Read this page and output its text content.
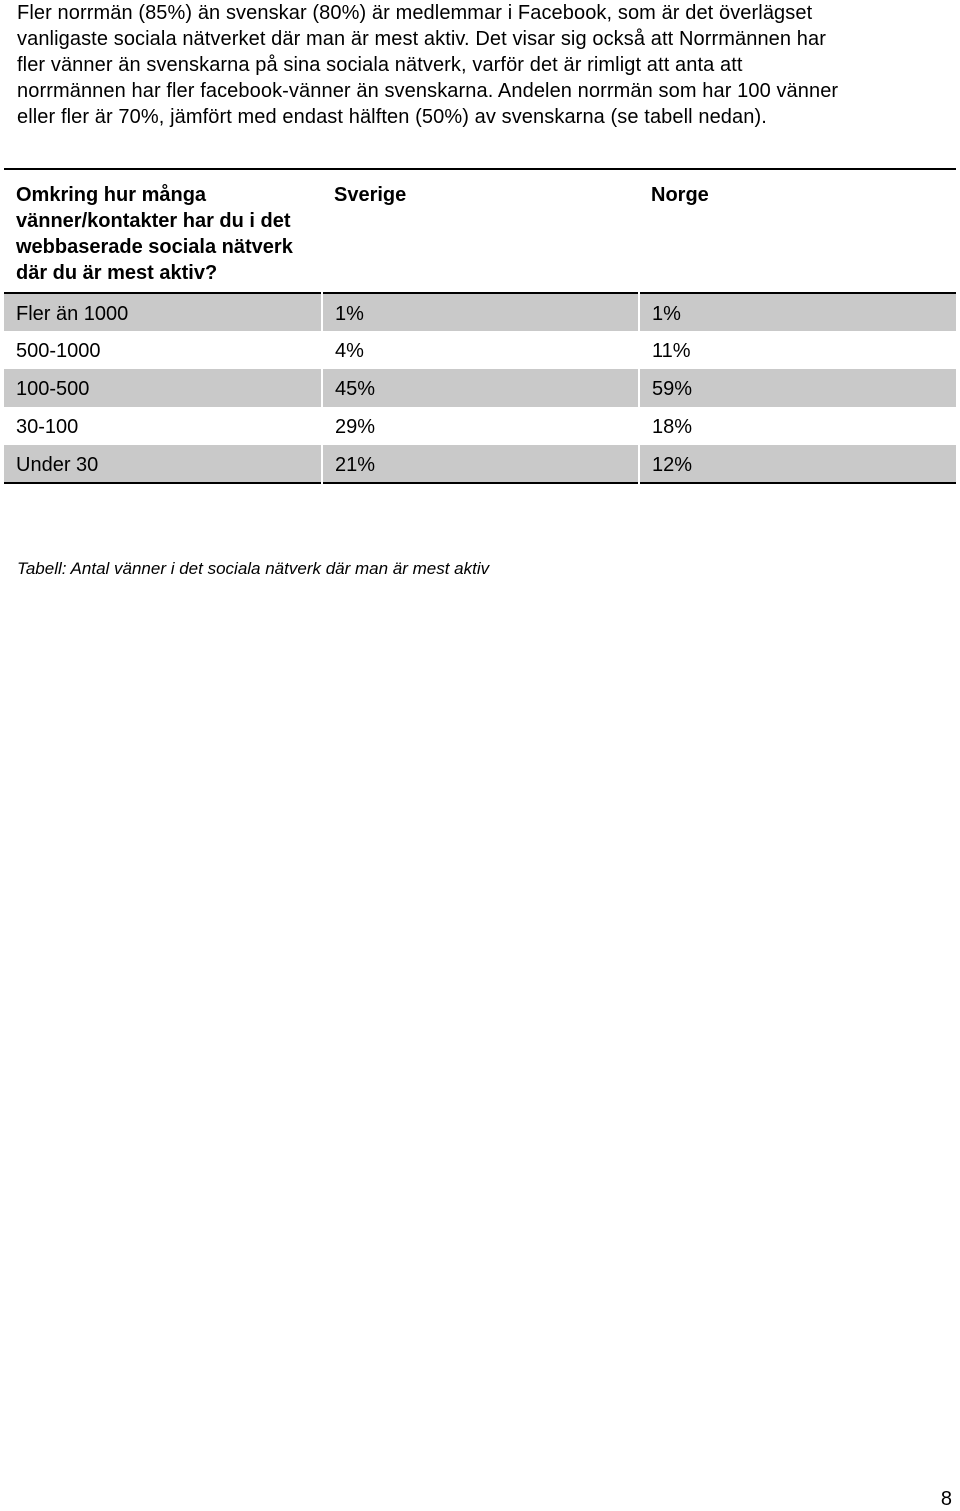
Fler norrmän (85%) än svenskar (80%) är medlemmar i Facebook, som är det överlägset
vanligaste sociala nätverket där man är mest aktiv. Det visar sig också att Norrmännen har
fler vänner än svenskarna på sina sociala nätverk, varför det är rimligt att anta att
norrmännen har fler facebook-vänner än svenskarna. Andelen norrmän som har 100 vänner
eller fler är 70%, jämfört med endast hälften (50%) av svenskarna (se tabell nedan).
Omkring hur många vänner/kontakter har du i det webbaserade sociala nätverk där du är mest aktiv?	Sverige	Norge
Fler än 1000	1%	1%
500-1000	4%	11%
100-500	45%	59%
30-100	29%	18%
Under 30	21%	12%
Tabell: Antal vänner i det sociala nätverk där man är mest aktiv
8
